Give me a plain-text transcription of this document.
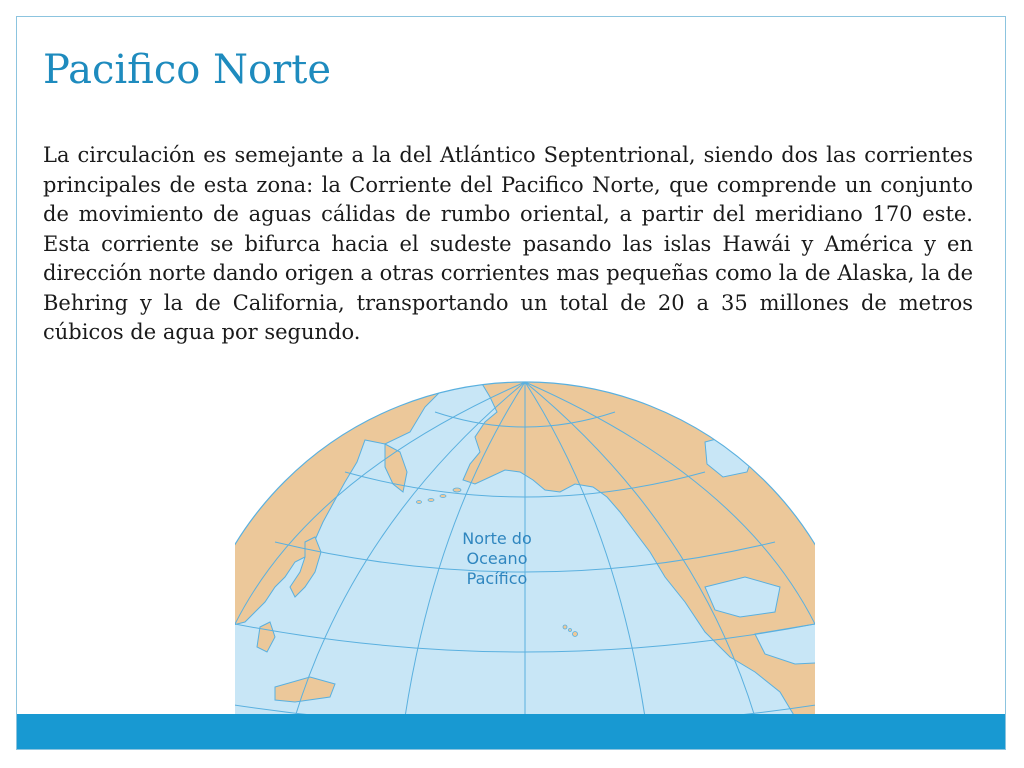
Pacifico Norte

La circulación es semejante a la del Atlántico Septentrional, siendo dos las corrientes principales de esta zona: la Corriente del Pacifico Norte, que comprende un conjunto de movimiento de aguas cálidas de rumbo oriental, a partir del meridiano 170 este. Esta corriente se bifurca hacia el sudeste pasando las islas Hawái y América y en dirección norte dando origen a otras corrientes mas pequeñas como la de Alaska, la de Behring y la de California, transportando un total de 20 a 35 millones de metros cúbicos de agua por segundo.

Norte do
Oceano
Pacífico
